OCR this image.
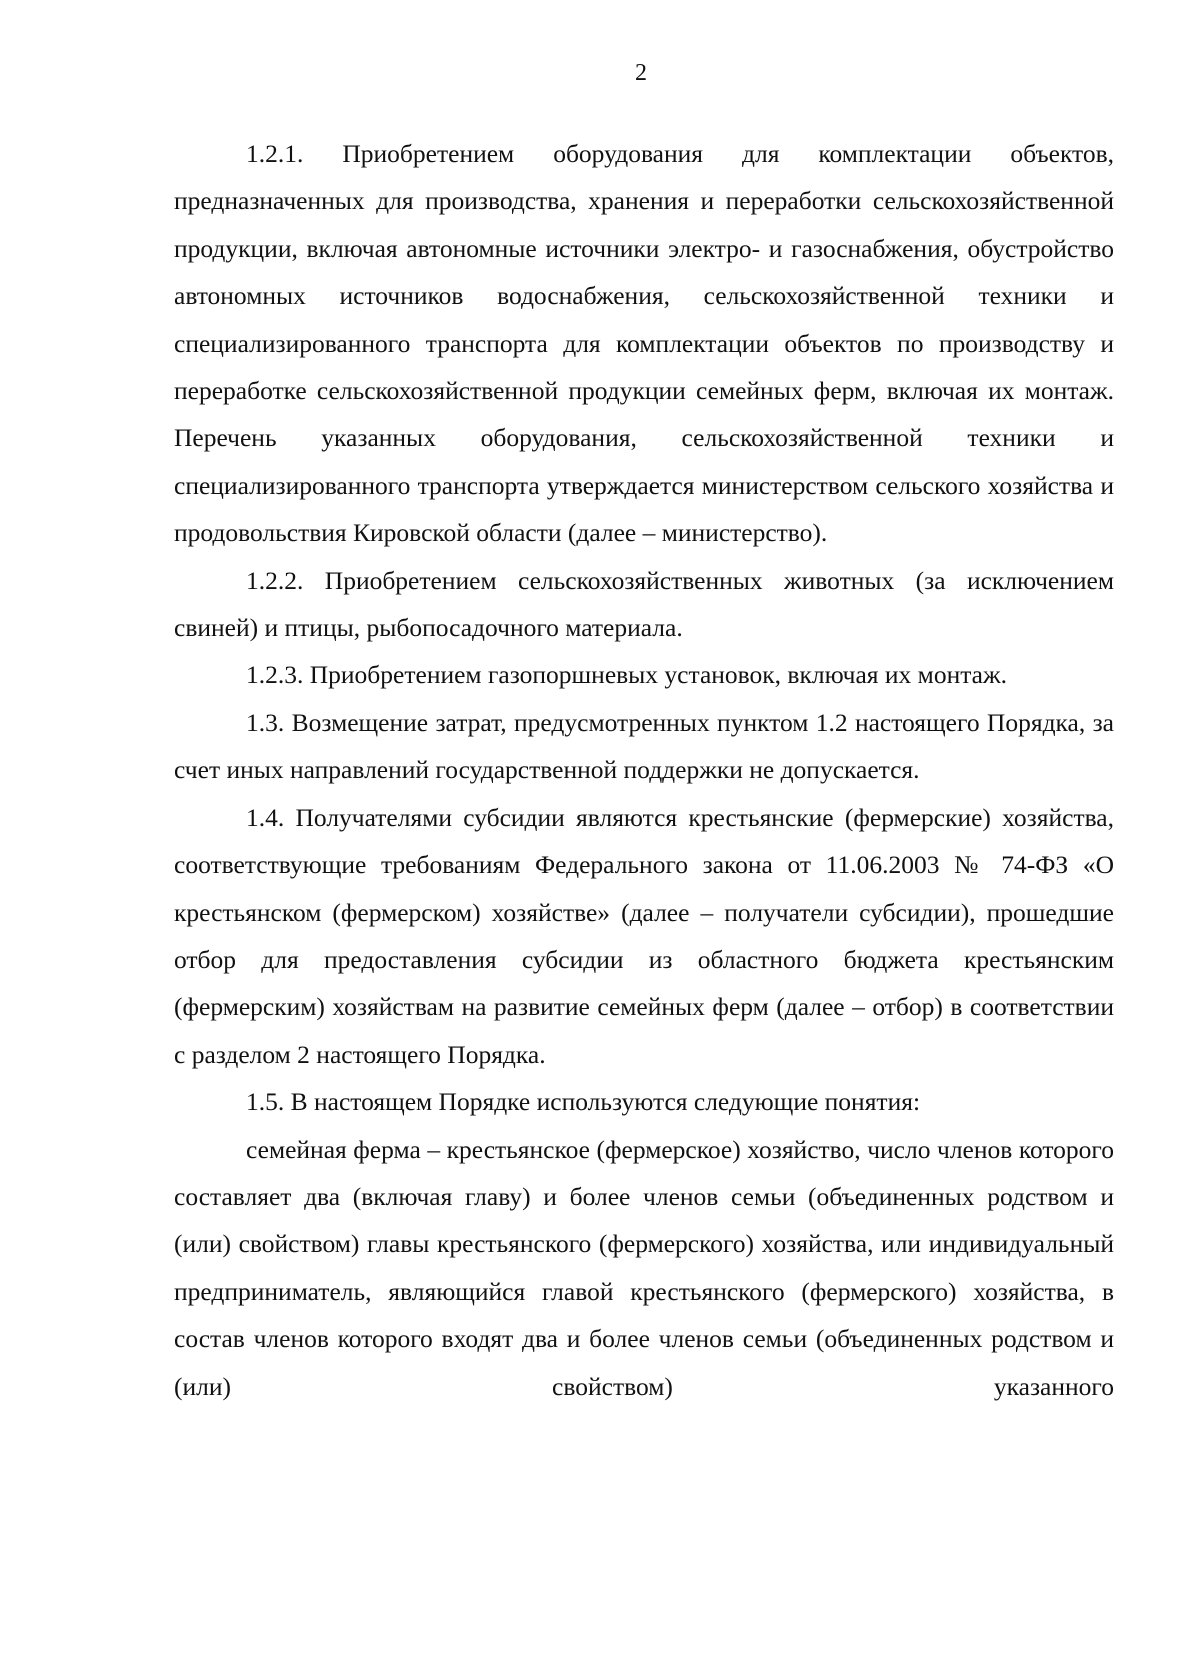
2

1.2.1. Приобретением оборудования для комплектации объектов, предназначенных для производства, хранения и переработки сельскохозяйственной продукции, включая автономные источники электро- и газоснабжения, обустройство автономных источников водоснабжения, сельскохозяйственной техники и специализированного транспорта для комплектации объектов по производству и переработке сельскохозяйственной продукции семейных ферм, включая их монтаж. Перечень указанных оборудования, сельскохозяйственной техники и специализированного транспорта утверждается министерством сельского хозяйства и продовольствия Кировской области (далее – министерство).

1.2.2. Приобретением сельскохозяйственных животных (за исключением свиней) и птицы, рыбопосадочного материала.

1.2.3. Приобретением газопоршневых установок, включая их монтаж.

1.3. Возмещение затрат, предусмотренных пунктом 1.2 настоящего Порядка, за счет иных направлений государственной поддержки не допускается.

1.4. Получателями субсидии являются крестьянские (фермерские) хозяйства, соответствующие требованиям Федерального закона от 11.06.2003 № 74-ФЗ «О крестьянском (фермерском) хозяйстве» (далее – получатели субсидии), прошедшие отбор для предоставления субсидии из областного бюджета крестьянским (фермерским) хозяйствам на развитие семейных ферм (далее – отбор) в соответствии с разделом 2 настоящего Порядка.

1.5. В настоящем Порядке используются следующие понятия:

семейная ферма – крестьянское (фермерское) хозяйство, число членов которого составляет два (включая главу) и более членов семьи (объединенных родством и (или) свойством) главы крестьянского (фермерского) хозяйства, или индивидуальный предприниматель, являющийся главой крестьянского (фермерского) хозяйства, в состав членов которого входят два и более членов семьи (объединенных родством и (или) свойством) указанного
